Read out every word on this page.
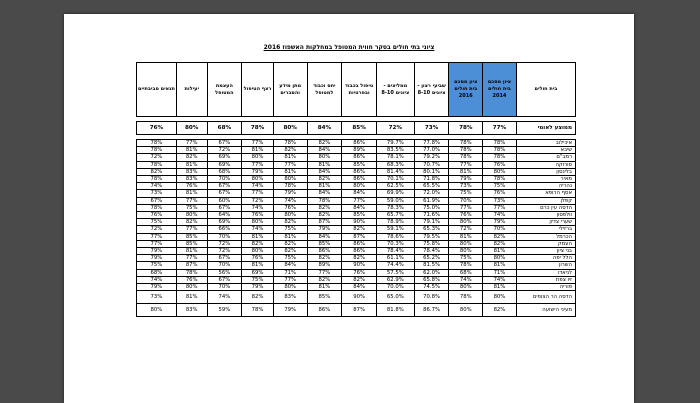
ציוני בתי חולים בסקר חווית המטופל במחלקות האשפוז 2016
בית חולים	ציון מסכם בית חולים 2014	ציון מסכם בית חולים 2016	שביעי רצון - ציונים 8-10	ממליצים - ציונים 8-10	טיפול בכבוד ובפרטיות	יחס וכבוד למטופל	מתן מידע והסברים	רצף הטיפול	העצמת המטופל	יעילות	תנאים סביבתיים

ממוצע לאומי	77%	78%	73%	72%	85%	84%	80%	78%	68%	80%	76%

איכילוב	78%	78%	77.8%	79.7%	86%	82%	78%	77%	67%	77%	78%
שיבא	78%	78%	77.0%	83.5%	89%	84%	82%	81%	72%	81%	78%
רמב"ם	78%	78%	79.2%	78.1%	86%	80%	81%	80%	69%	82%	72%
סורוקה	76%	77%	70.7%	68.3%	85%	81%	77%	77%	69%	81%	78%
בלינסון	80%	81%	80.1%	81.4%	86%	84%	81%	79%	68%	83%	82%
מאיר	78%	79%	71.8%	70.1%	86%	82%	80%	80%	70%	83%	78%
נהריה	75%	73%	65.5%	62.5%	80%	81%	78%	74%	67%	76%	74%
אסף הרופא	76%	75%	72.0%	69.9%	84%	84%	79%	77%	67%	81%	73%
קפלן	73%	70%	61.9%	59.0%	77%	78%	74%	72%	60%	77%	67%
הדסה עין כרם	77%	77%	75.0%	78.3%	84%	82%	76%	74%	67%	75%	78%
וולפסון	74%	76%	71.6%	65.7%	85%	82%	80%	76%	64%	80%	76%
שערי צדק	79%	80%	79.1%	78.9%	90%	87%	82%	80%	69%	82%	75%
ברזילי	70%	72%	65.3%	59.1%	82%	79%	75%	74%	66%	77%	72%
הכרמל	82%	81%	79.5%	78.6%	87%	84%	81%	81%	70%	85%	77%
העמק	82%	80%	75.8%	70.3%	86%	85%	82%	82%	72%	85%	77%
בני ציון	81%	80%	78.4%	78.4%	86%	86%	82%	80%	72%	81%	79%
הלל יפה	80%	75%	65.2%	61.1%	82%	82%	75%	76%	67%	77%	79%
השרון	81%	78%	81.5%	74.4%	90%	89%	84%	81%	70%	87%	75%
לניאדו	71%	68%	62.0%	57.5%	76%	77%	71%	69%	56%	78%	68%
זיו צפת	74%	74%	65.8%	62.9%	82%	82%	77%	75%	67%	76%	74%
פוריה	81%	80%	74.5%	70.0%	84%	81%	80%	79%	70%	80%	79%
הדסה הר הצופים	80%	78%	70.8%	65.0%	90%	85%	83%	82%	74%	81%	73%
מעיני הישועה	82%	80%	86.7%	81.8%	87%	86%	79%	78%	59%	83%	80%
